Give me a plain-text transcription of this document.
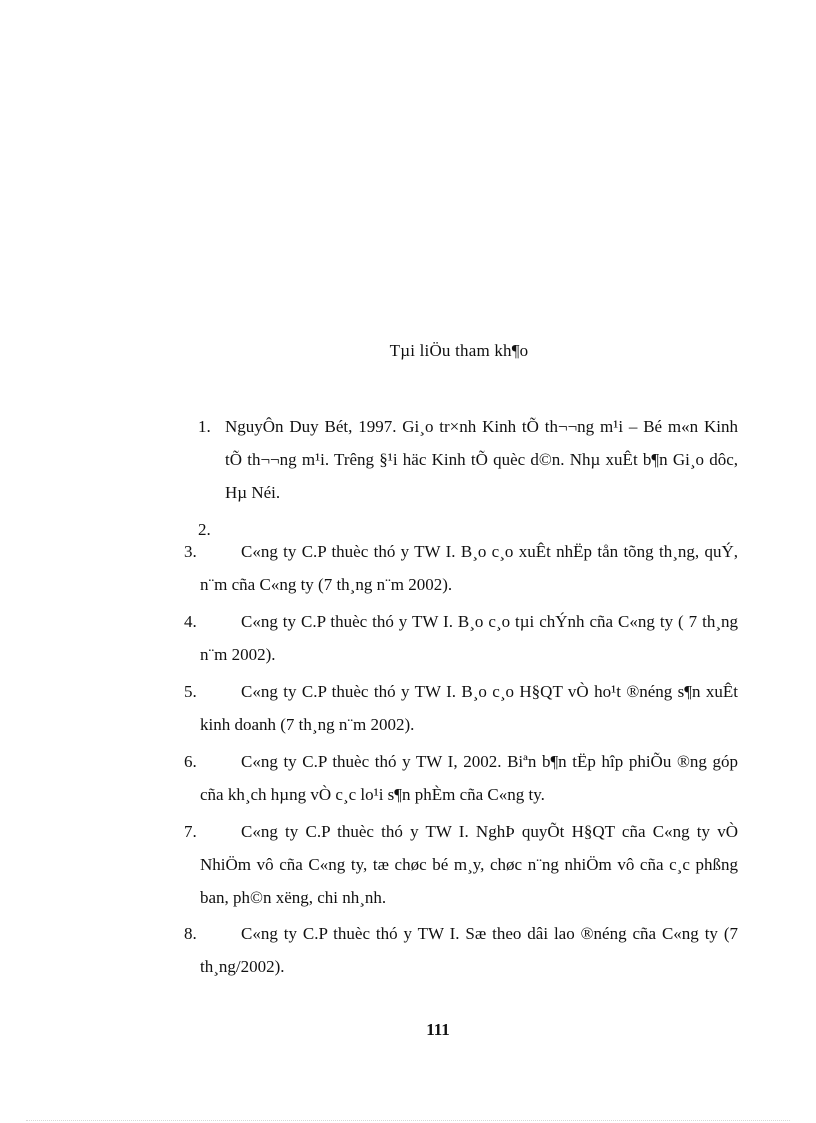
Tµi liÖu tham kh¶o
1. NguyÔn Duy Bét, 1997. Gi¸o tr×nh Kinh tÕ th¬¬ng m¹i – Bé m«n Kinh tÕ th¬¬ng m¹i. Trêng §¹i häc Kinh tÕ quèc d©n. Nhµ xuÊt b¶n Gi¸o dôc, Hµ Néi.
2.
3.	C«ng ty C.P thuèc thó y TW I. B¸o c¸o xuÊt nhËp tån tõng th¸ng, quÝ, n¨m cña C«ng ty (7 th¸ng n¨m 2002).
4.	C«ng ty C.P thuèc thó y TW I. B¸o c¸o tµi chÝnh cña C«ng ty ( 7 th¸ng n¨m 2002).
5.	C«ng ty C.P thuèc thó y TW I. B¸o c¸o H§QT vÒ ho¹t ®néng s¶n xuÊt kinh doanh (7 th¸ng n¨m 2002).
6.	C«ng ty C.P thuèc thó y TW I, 2002. Biªn b¶n tËp hîp phiÕu ®ng góp cña kh¸ch hµng vÒ c¸c lo¹i s¶n phÈm cña C«ng ty.
7.	C«ng ty C.P thuèc thó y TW I. NghÞ quyÕt H§QT cña C«ng ty vÒ NhiÖm vô cña C«ng ty, tæ chøc bé m¸y, chøc n¨ng nhiÖm vô cña c¸c phßng ban, ph©n xëng, chi nh¸nh.
8.	C«ng ty C.P thuèc thó y TW I. Sæ theo dâi lao ®néng cña C«ng ty (7 th¸ng/2002).
111
